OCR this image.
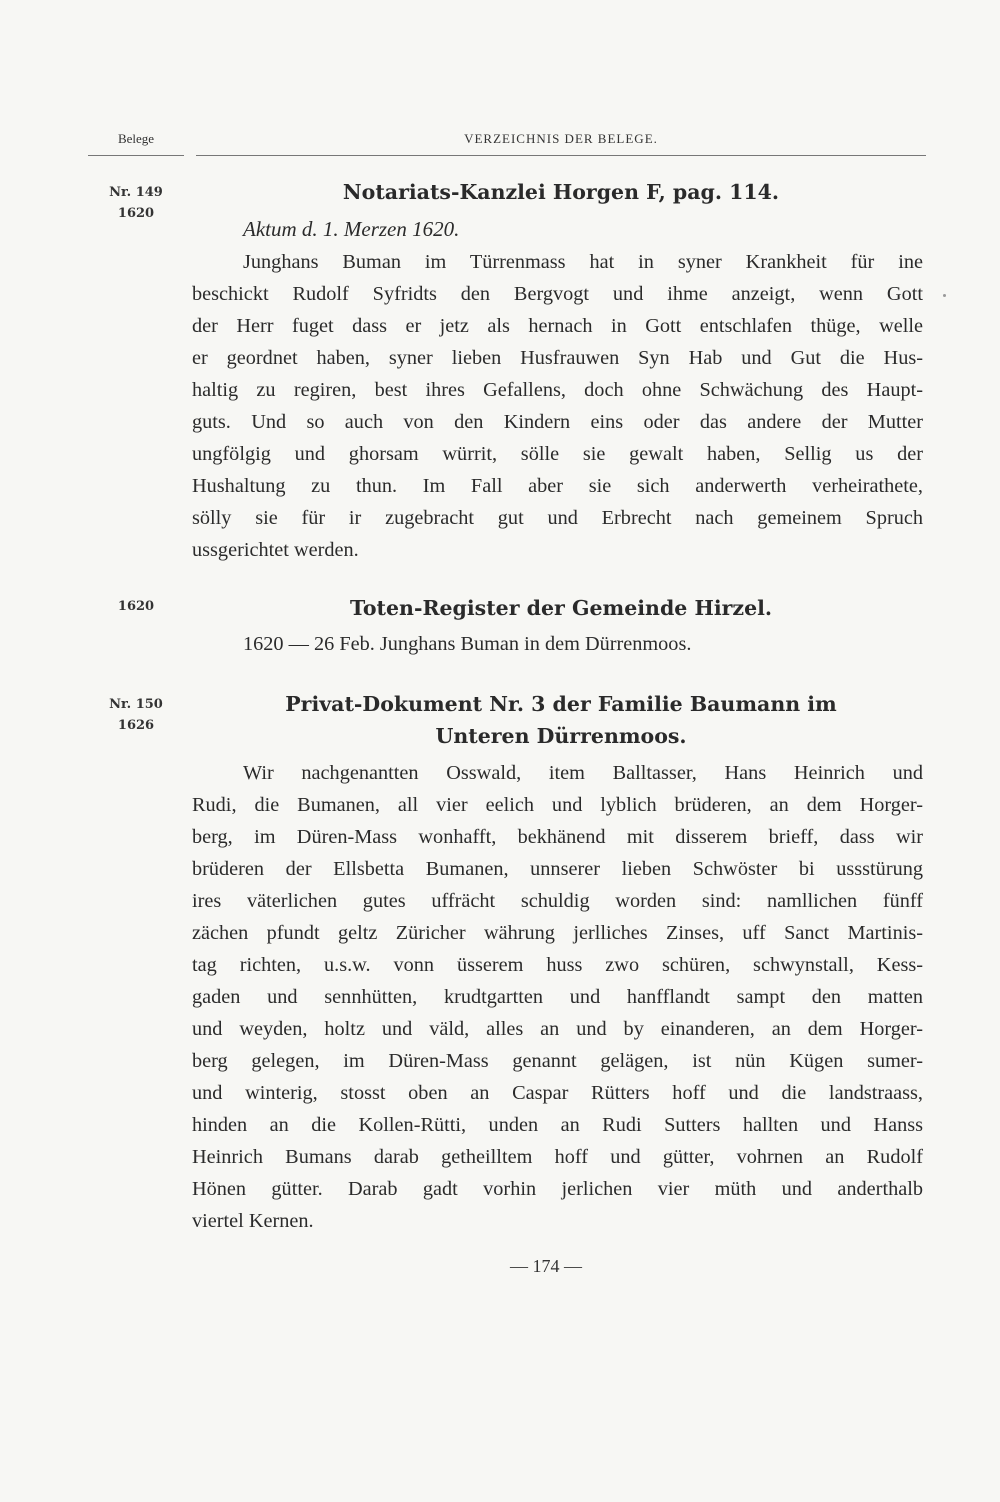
Belege	VERZEICHNIS DER BELEGE.
Nr. 149
1620
Notariats-Kanzlei Horgen F, pag. 114.
Aktum d. 1. Merzen 1620.
Junghans Buman im Türrenmass hat in syner Krankheit für ine
beschickt Rudolf Syfridts den Bergvogt und ihme anzeigt, wenn Gott
der Herr fuget dass er jetz als hernach in Gott entschlafen thüge, welle
er geordnet haben, syner lieben Husfrauwen Syn Hab und Gut die Hus-
haltig zu regiren, best ihres Gefallens, doch ohne Schwächung des Haupt-
guts. Und so auch von den Kindern eins oder das andere der Mutter
ungfölgig und ghorsam würrit, sölle sie gewalt haben, Sellig us der
Hushaltung zu thun. Im Fall aber sie sich anderwerth verheirathete,
sölly sie für ir zugebracht gut und Erbrecht nach gemeinem Spruch
ussgerichtet werden.
1620	Toten-Register der Gemeinde Hirzel.
1620 — 26 Feb. Junghans Buman in dem Dürrenmoos.
Nr. 150
1626
Privat-Dokument Nr. 3 der Familie Baumann im
Unteren Dürrenmoos.
Wir nachgenantten Osswald, item Balltasser, Hans Heinrich und
Rudi, die Bumanen, all vier eelich und lyblich brüderen, an dem Horger-
berg, im Düren-Mass wonhafft, bekhänend mit disserem brieff, dass wir
brüderen der Ellsbetta Bumanen, unnserer lieben Schwöster bi ussstürung
ires väterlichen gutes uffrächt schuldig worden sind: namllichen fünff
zächen pfundt geltz Züricher währung jerlliches Zinses, uff Sanct Martinis-
tag richten, u.s.w. vonn üsserem huss zwo schüren, schwynstall, Kess-
gaden und sennhütten, krudtgartten und hanfflandt sampt den matten
und weyden, holtz und väld, alles an und by einanderen, an dem Horger-
berg gelegen, im Düren-Mass genannt gelägen, ist nün Kügen sumer-
und winterig, stosst oben an Caspar Rütters hoff und die landstraass,
hinden an die Kollen-Rütti, unden an Rudi Sutters hallten und Hanss
Heinrich Bumans darab getheilltem hoff und gütter, vohrnen an Rudolf
Hönen gütter. Darab gadt vorhin jerlichen vier müth und anderthalb
viertel Kernen.
— 174 —
